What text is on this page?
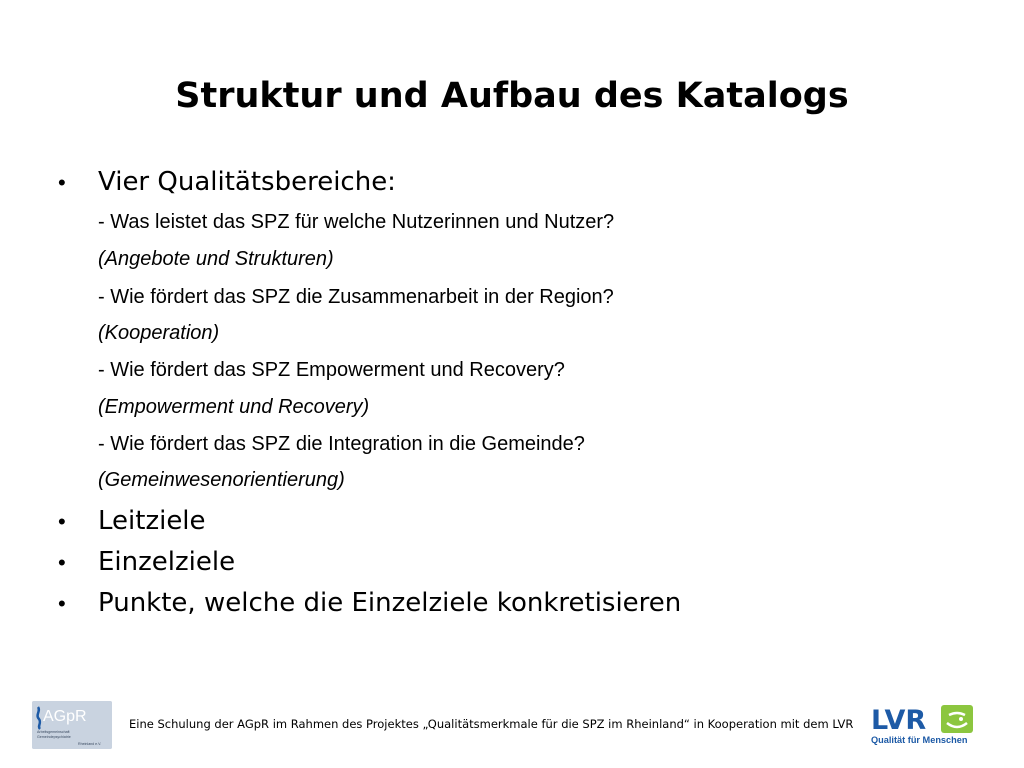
Struktur und Aufbau des Katalogs
• Vier Qualitätsbereiche:
- Was leistet das SPZ für welche Nutzerinnen und Nutzer?
(Angebote und Strukturen)
- Wie fördert das SPZ die Zusammenarbeit in der Region?
(Kooperation)
- Wie fördert das SPZ Empowerment und Recovery?
(Empowerment und Recovery)
- Wie fördert das SPZ die Integration in die Gemeinde?
(Gemeinwesenorientierung)
• Leitziele
• Einzelziele
• Punkte, welche die Einzelziele konkretisieren
AGpR
Arbeitsgemeinschaft
Gemeindepsychiatrie
Rheinland e.V.
Eine Schulung der AGpR im Rahmen des Projektes „Qualitätsmerkmale für die SPZ im Rheinland“ in Kooperation mit dem LVR LVR
Qualität für Menschen
